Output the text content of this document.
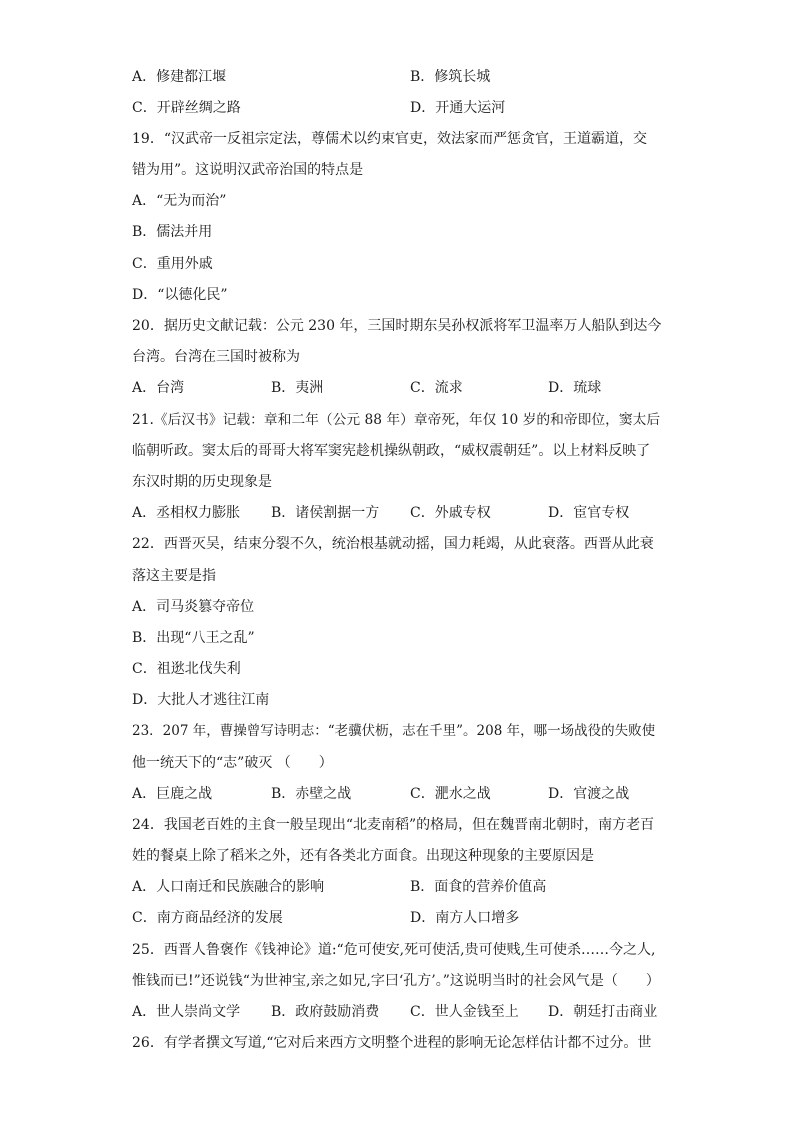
A．修建都江堰	B．修筑长城
C．开辟丝绸之路	D．开通大运河
19．“汉武帝一反祖宗定法，尊儒术以约束官吏，效法家而严惩贪官，王道霸道，交
错为用”。这说明汉武帝治国的特点是
A．“无为而治”
B．儒法并用
C．重用外戚
D．“以德化民”
20．据历史文献记载：公元 230 年，三国时期东吴孙权派将军卫温率万人船队到达今
台湾。台湾在三国时被称为
A．台湾	B．夷洲	C．流求	D．琉球
21.《后汉书》记载：章和二年（公元 88 年）章帝死，年仅 10 岁的和帝即位，窦太后
临朝听政。窦太后的哥哥大将军窦宪趁机操纵朝政，“威权震朝廷”。以上材料反映了
东汉时期的历史现象是
A．丞相权力膨胀 B．诸侯割据一方 C．外戚专权	D．宦官专权
22．西晋灭吴，结束分裂不久，统治根基就动摇，国力耗竭，从此衰落。西晋从此衰
落这主要是指
A．司马炎篡夺帝位
B．出现“八王之乱”
C．祖逖北伐失利
D．大批人才逃往江南
23．207 年，曹操曾写诗明志：“老骥伏枥，志在千里”。208 年，哪一场战役的失败使
他一统天下的“志”破灭 （　　）
A．巨鹿之战	B．赤壁之战	C．淝水之战	D．官渡之战
24．我国老百姓的主食一般呈现出“北麦南稻”的格局，但在魏晋南北朝时，南方老百
姓的餐桌上除了稻米之外，还有各类北方面食。出现这种现象的主要原因是
A．人口南迁和民族融合的影响	B．面食的营养价值高
C．南方商品经济的发展	D．南方人口增多
25．西晋人鲁褒作《钱神论》道:“危可使安,死可使活,贵可使贱,生可使杀……今之人,
惟钱而已!”还说钱“为世神宝,亲之如兄,字曰‘孔方’。”这说明当时的社会风气是（　　）
A．世人崇尚文学 B．政府鼓励消费 C．世人金钱至上 D．朝廷打击商业
26．有学者撰文写道,“它对后来西方文明整个进程的影响无论怎样估计都不过分。世
